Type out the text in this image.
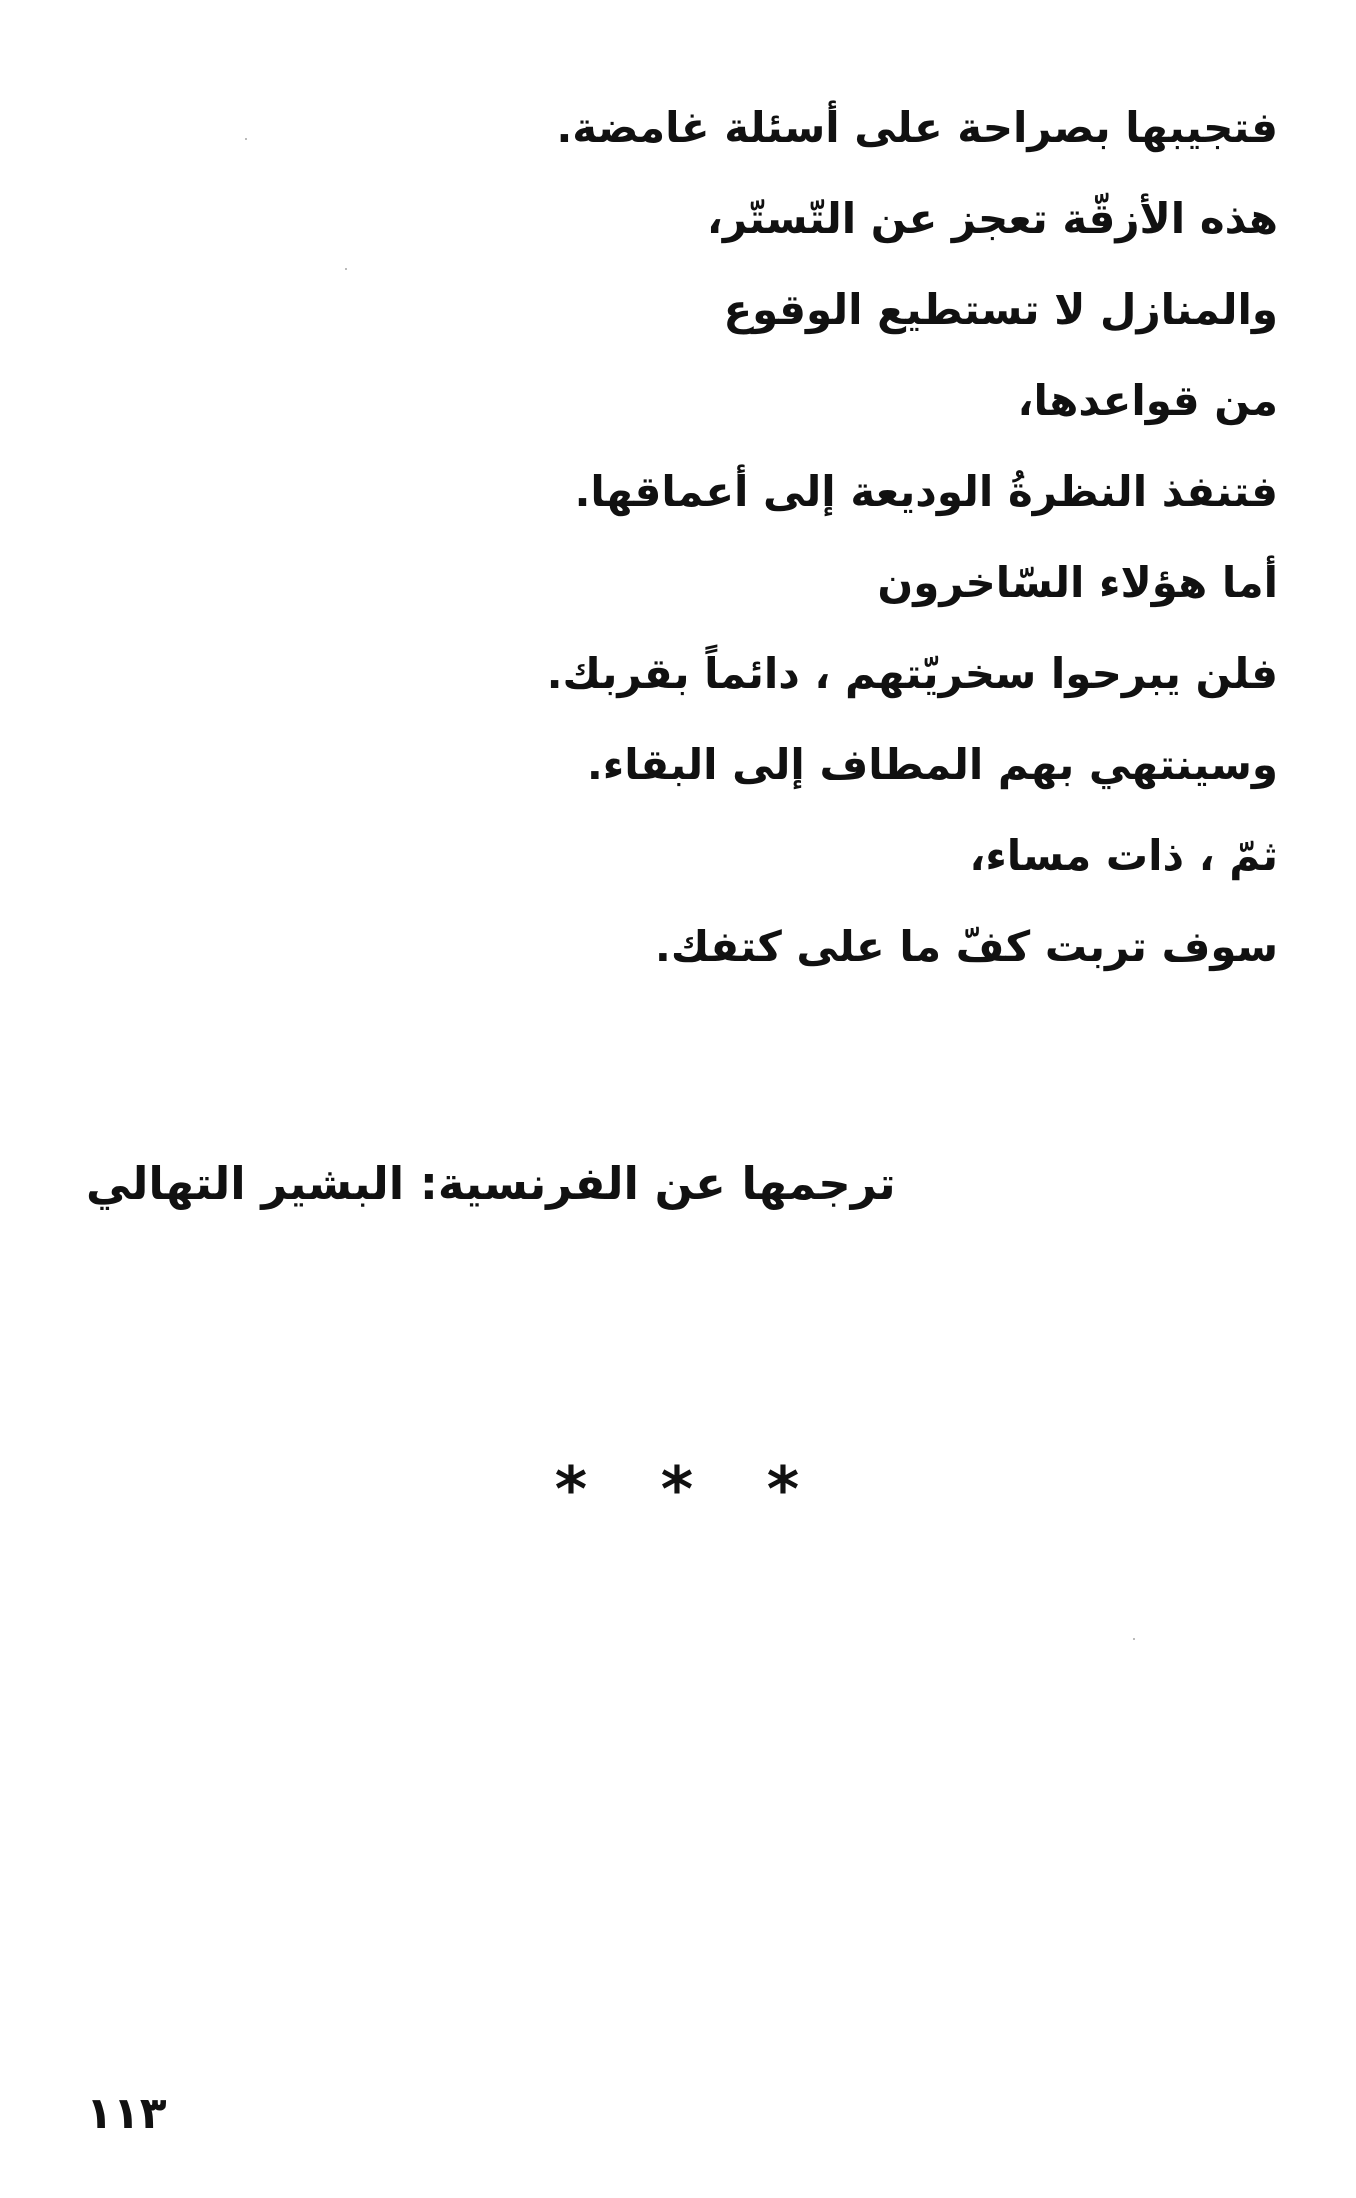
فتجيبها بصراحة على أسئلة غامضة.
هذه الأزقّة تعجز عن التّستّر،
والمنازل لا تستطيع الوقوع
من قواعدها،
فتنفذ النظرةُ الوديعة إلى أعماقها.
أما هؤلاء السّاخرون
فلن يبرحوا سخريّتهم ، دائماً بقربك.
وسينتهي بهم المطاف إلى البقاء.
ثمّ ، ذات مساء،
سوف تربت كفّ ما على كتفك.
ترجمها عن الفرنسية: البشير التهالي
* * *
١١٣
